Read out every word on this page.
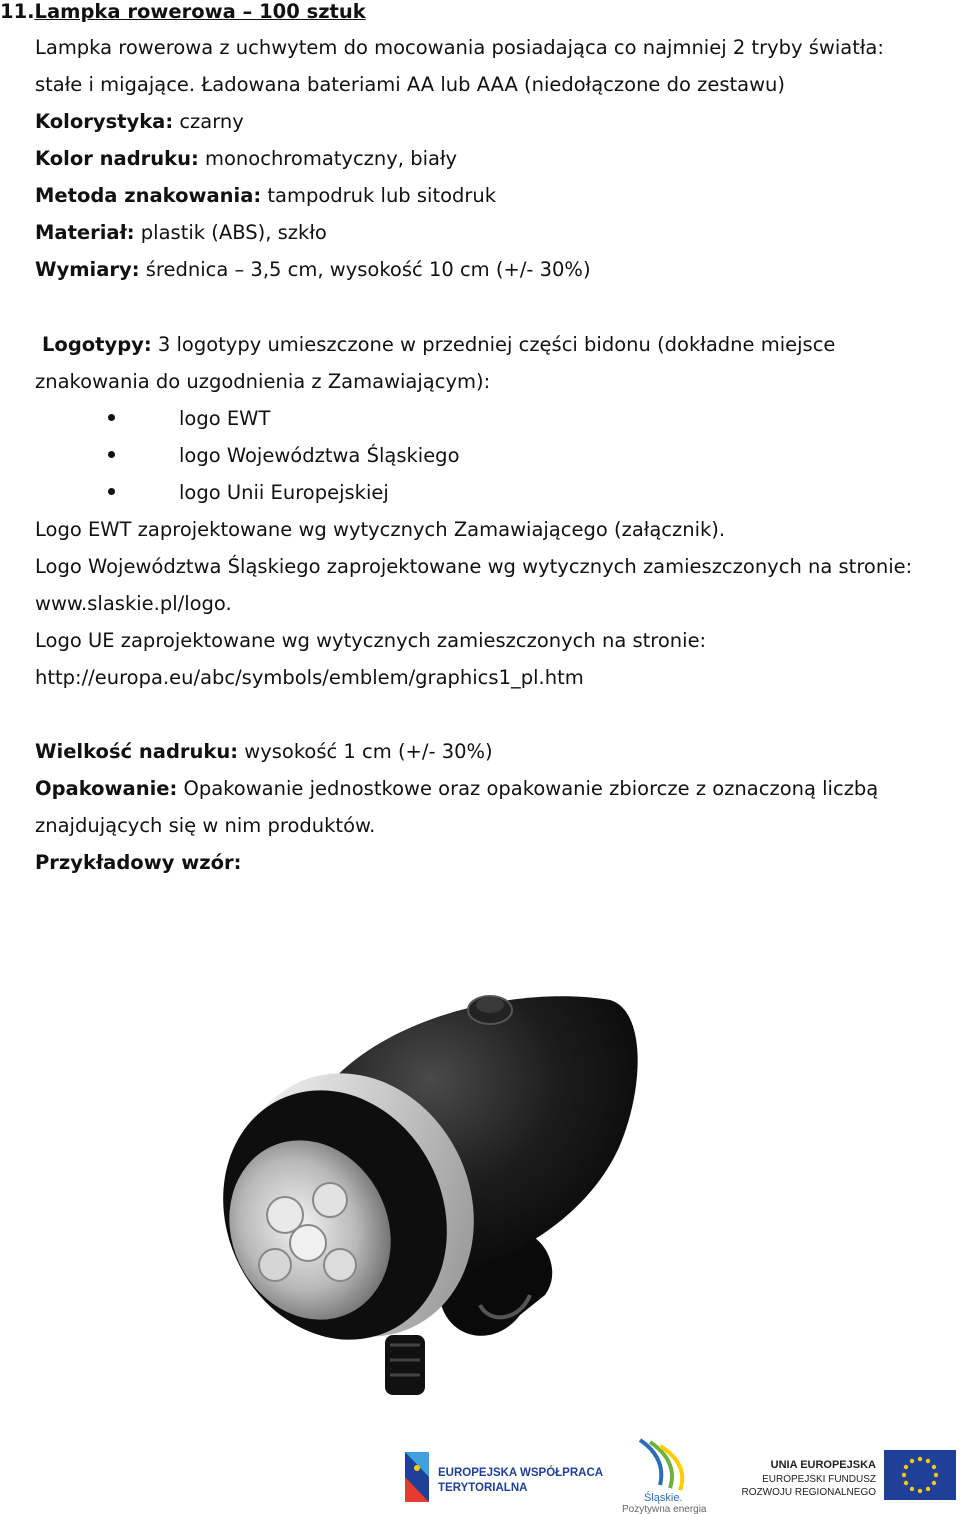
11.Lampka rowerowa – 100 sztuk
Lampka rowerowa z uchwytem do mocowania posiadająca co najmniej 2 tryby światła:
stałe i migające. Ładowana bateriami AA lub AAA (niedołączone do zestawu)
Kolorystyka: czarny
Kolor nadruku: monochromatyczny, biały
Metoda znakowania: tampodruk lub sitodruk
Materiał: plastik (ABS), szkło
Wymiary: średnica – 3,5 cm, wysokość 10 cm (+/- 30%)
Logotypy: 3 logotypy umieszczone w przedniej części bidonu (dokładne miejsce
znakowania do uzgodnienia z Zamawiającym):
logo EWT
logo Województwa Śląskiego
logo Unii Europejskiej
Logo EWT zaprojektowane wg wytycznych Zamawiającego (załącznik).
Logo Województwa Śląskiego zaprojektowane wg wytycznych zamieszczonych na stronie:
www.slaskie.pl/logo.
Logo UE zaprojektowane wg wytycznych zamieszczonych na stronie:
http://europa.eu/abc/symbols/emblem/graphics1_pl.htm
Wielkość nadruku: wysokość 1 cm (+/- 30%)
Opakowanie: Opakowanie jednostkowe oraz opakowanie zbiorcze z oznaczoną liczbą
znajdujących się w nim produktów.
Przykładowy wzór:
EUROPEJSKA WSPÓŁPRACA
TERYTORIALNA
Śląskie.
Pozytywna energia
UNIA EUROPEJSKA
EUROPEJSKI FUNDUSZ
ROZWOJU REGIONALNEGO
